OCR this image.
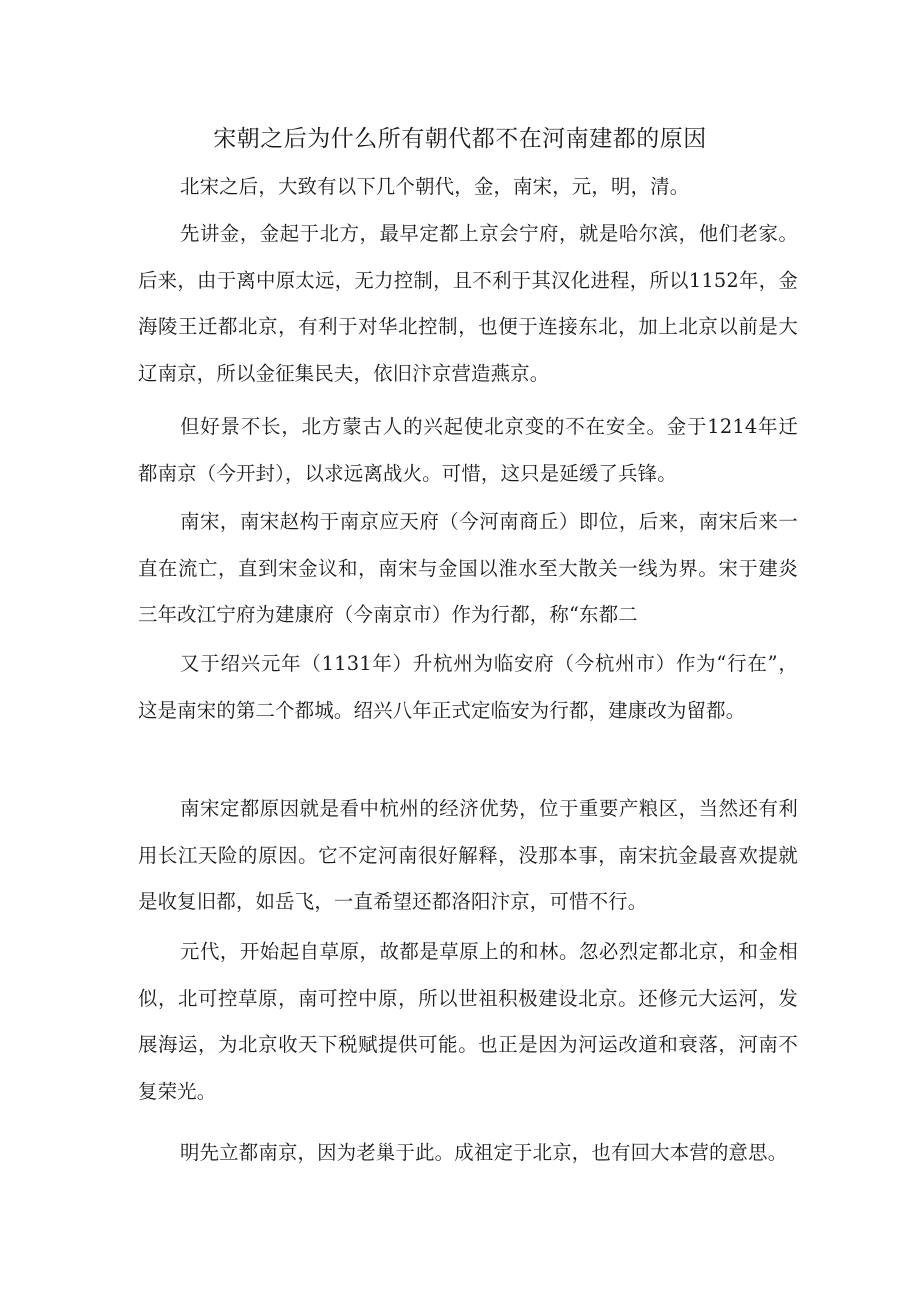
宋朝之后为什么所有朝代都不在河南建都的原因

北宋之后，大致有以下几个朝代，金，南宋，元，明，清。

先讲金，金起于北方，最早定都上京会宁府，就是哈尔滨，他们老家。后来，由于离中原太远，无力控制，且不利于其汉化进程，所以1152年，金海陵王迁都北京，有利于对华北控制，也便于连接东北，加上北京以前是大辽南京，所以金征集民夫，依旧汴京营造燕京。

但好景不长，北方蒙古人的兴起使北京变的不在安全。金于1214年迁都南京（今开封），以求远离战火。可惜，这只是延缓了兵锋。

南宋，南宋赵构于南京应天府（今河南商丘）即位，后来，南宋后来一直在流亡，直到宋金议和，南宋与金国以淮水至大散关一线为界。宋于建炎三年改江宁府为建康府（今南京市）作为行都，称“东都二

又于绍兴元年（1131年）升杭州为临安府（今杭州市）作为“行在”，这是南宋的第二个都城。绍兴八年正式定临安为行都，建康改为留都。

南宋定都原因就是看中杭州的经济优势，位于重要产粮区，当然还有利用长江天险的原因。它不定河南很好解释，没那本事，南宋抗金最喜欢提就是收复旧都，如岳飞，一直希望还都洛阳汴京，可惜不行。

元代，开始起自草原，故都是草原上的和林。忽必烈定都北京，和金相似，北可控草原，南可控中原，所以世祖积极建设北京。还修元大运河，发展海运，为北京收天下税赋提供可能。也正是因为河运改道和衰落，河南不复荣光。

明先立都南京，因为老巢于此。成祖定于北京，也有回大本营的意思。
